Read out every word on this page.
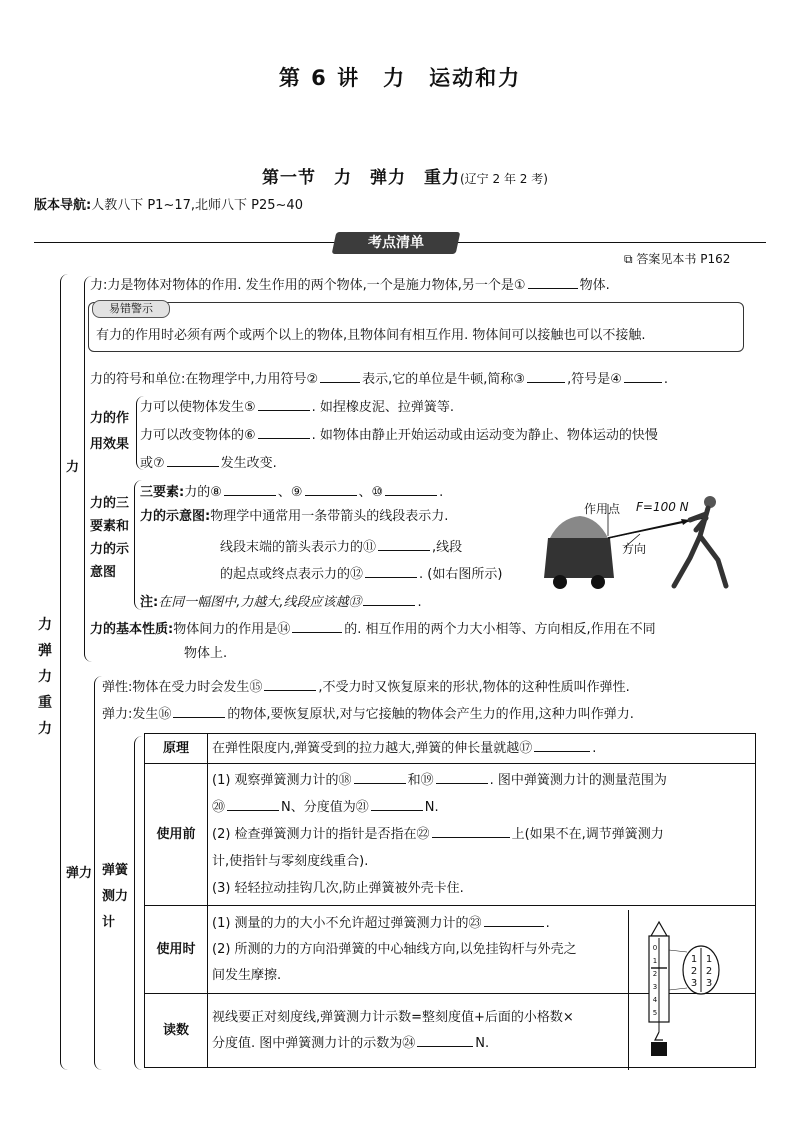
第 6 讲　力　运动和力
第一节　力　弹力　重力(辽宁 2 年 2 考)
版本导航:人教八下 P1~17,北师八下 P25~40
考点清单
⧉ 答案见本书 P162
力
弹
力
重
力
力
力:力是物体对物体的作用. 发生作用的两个物体,一个是施力物体,另一个是①	物体.
易错警示
有力的作用时必须有两个或两个以上的物体,且物体间有相互作用. 物体间可以接触也可以不接触.
力的符号和单位:在物理学中,力用符号②	表示,它的单位是牛顿,简称③	,符号是④	.
力的作
用效果
力可以使物体发生⑤	. 如捏橡皮泥、拉弹簧等.
力可以改变物体的⑥	. 如物体由静止开始运动或由运动变为静止、物体运动的快慢
或⑦	发生改变.
力的三
要素和
力的示
意图
三要素:力的⑧	、⑨	、⑩	.
力的示意图:物理学中通常用一条带箭头的线段表示力.
线段末端的箭头表示力的⑪	,线段
的起点或终点表示力的⑫	. (如右图所示)
注:在同一幅图中,力越大,线段应该越⑬	.
力的基本性质:物体间力的作用是⑭	的. 相互作用的两个力大小相等、方向相反,作用在不同
物体上.
作用点 F=100 N
方向
弹力
弹性:物体在受力时会发生⑮	,不受力时又恢复原来的形状,物体的这种性质叫作弹性.
弹力:发生⑯	的物体,要恢复原状,对与它接触的物体会产生力的作用,这种力叫作弹力.
弹簧
测力
计
原理	在弹性限度内,弹簧受到的拉力越大,弹簧的伸长量就越⑰ .
使用前	(1) 观察弹簧测力计的⑱ 和⑲ . 图中弹簧测力计的测量范围为
⑳ N、分度值为㉑ N.
(2) 检查弹簧测力计的指针是否指在㉒ 上(如果不在,调节弹簧测力
计,使指针与零刻度线重合).
(3) 轻轻拉动挂钩几次,防止弹簧被外壳卡住.

使用时	(1) 测量的力的大小不允许超过弹簧测力计的㉓ .
(2) 所测的力的方向沿弹簧的中心轴线方向,以免挂钩杆与外壳之
间发生摩擦.

读数	视线要正对刻度线,弹簧测力计示数=整刻度值+后面的小格数×
分度值. 图中弹簧测力计的示数为㉔ N.
0
1
2
3
4
5
1
2
3
1
2
3
